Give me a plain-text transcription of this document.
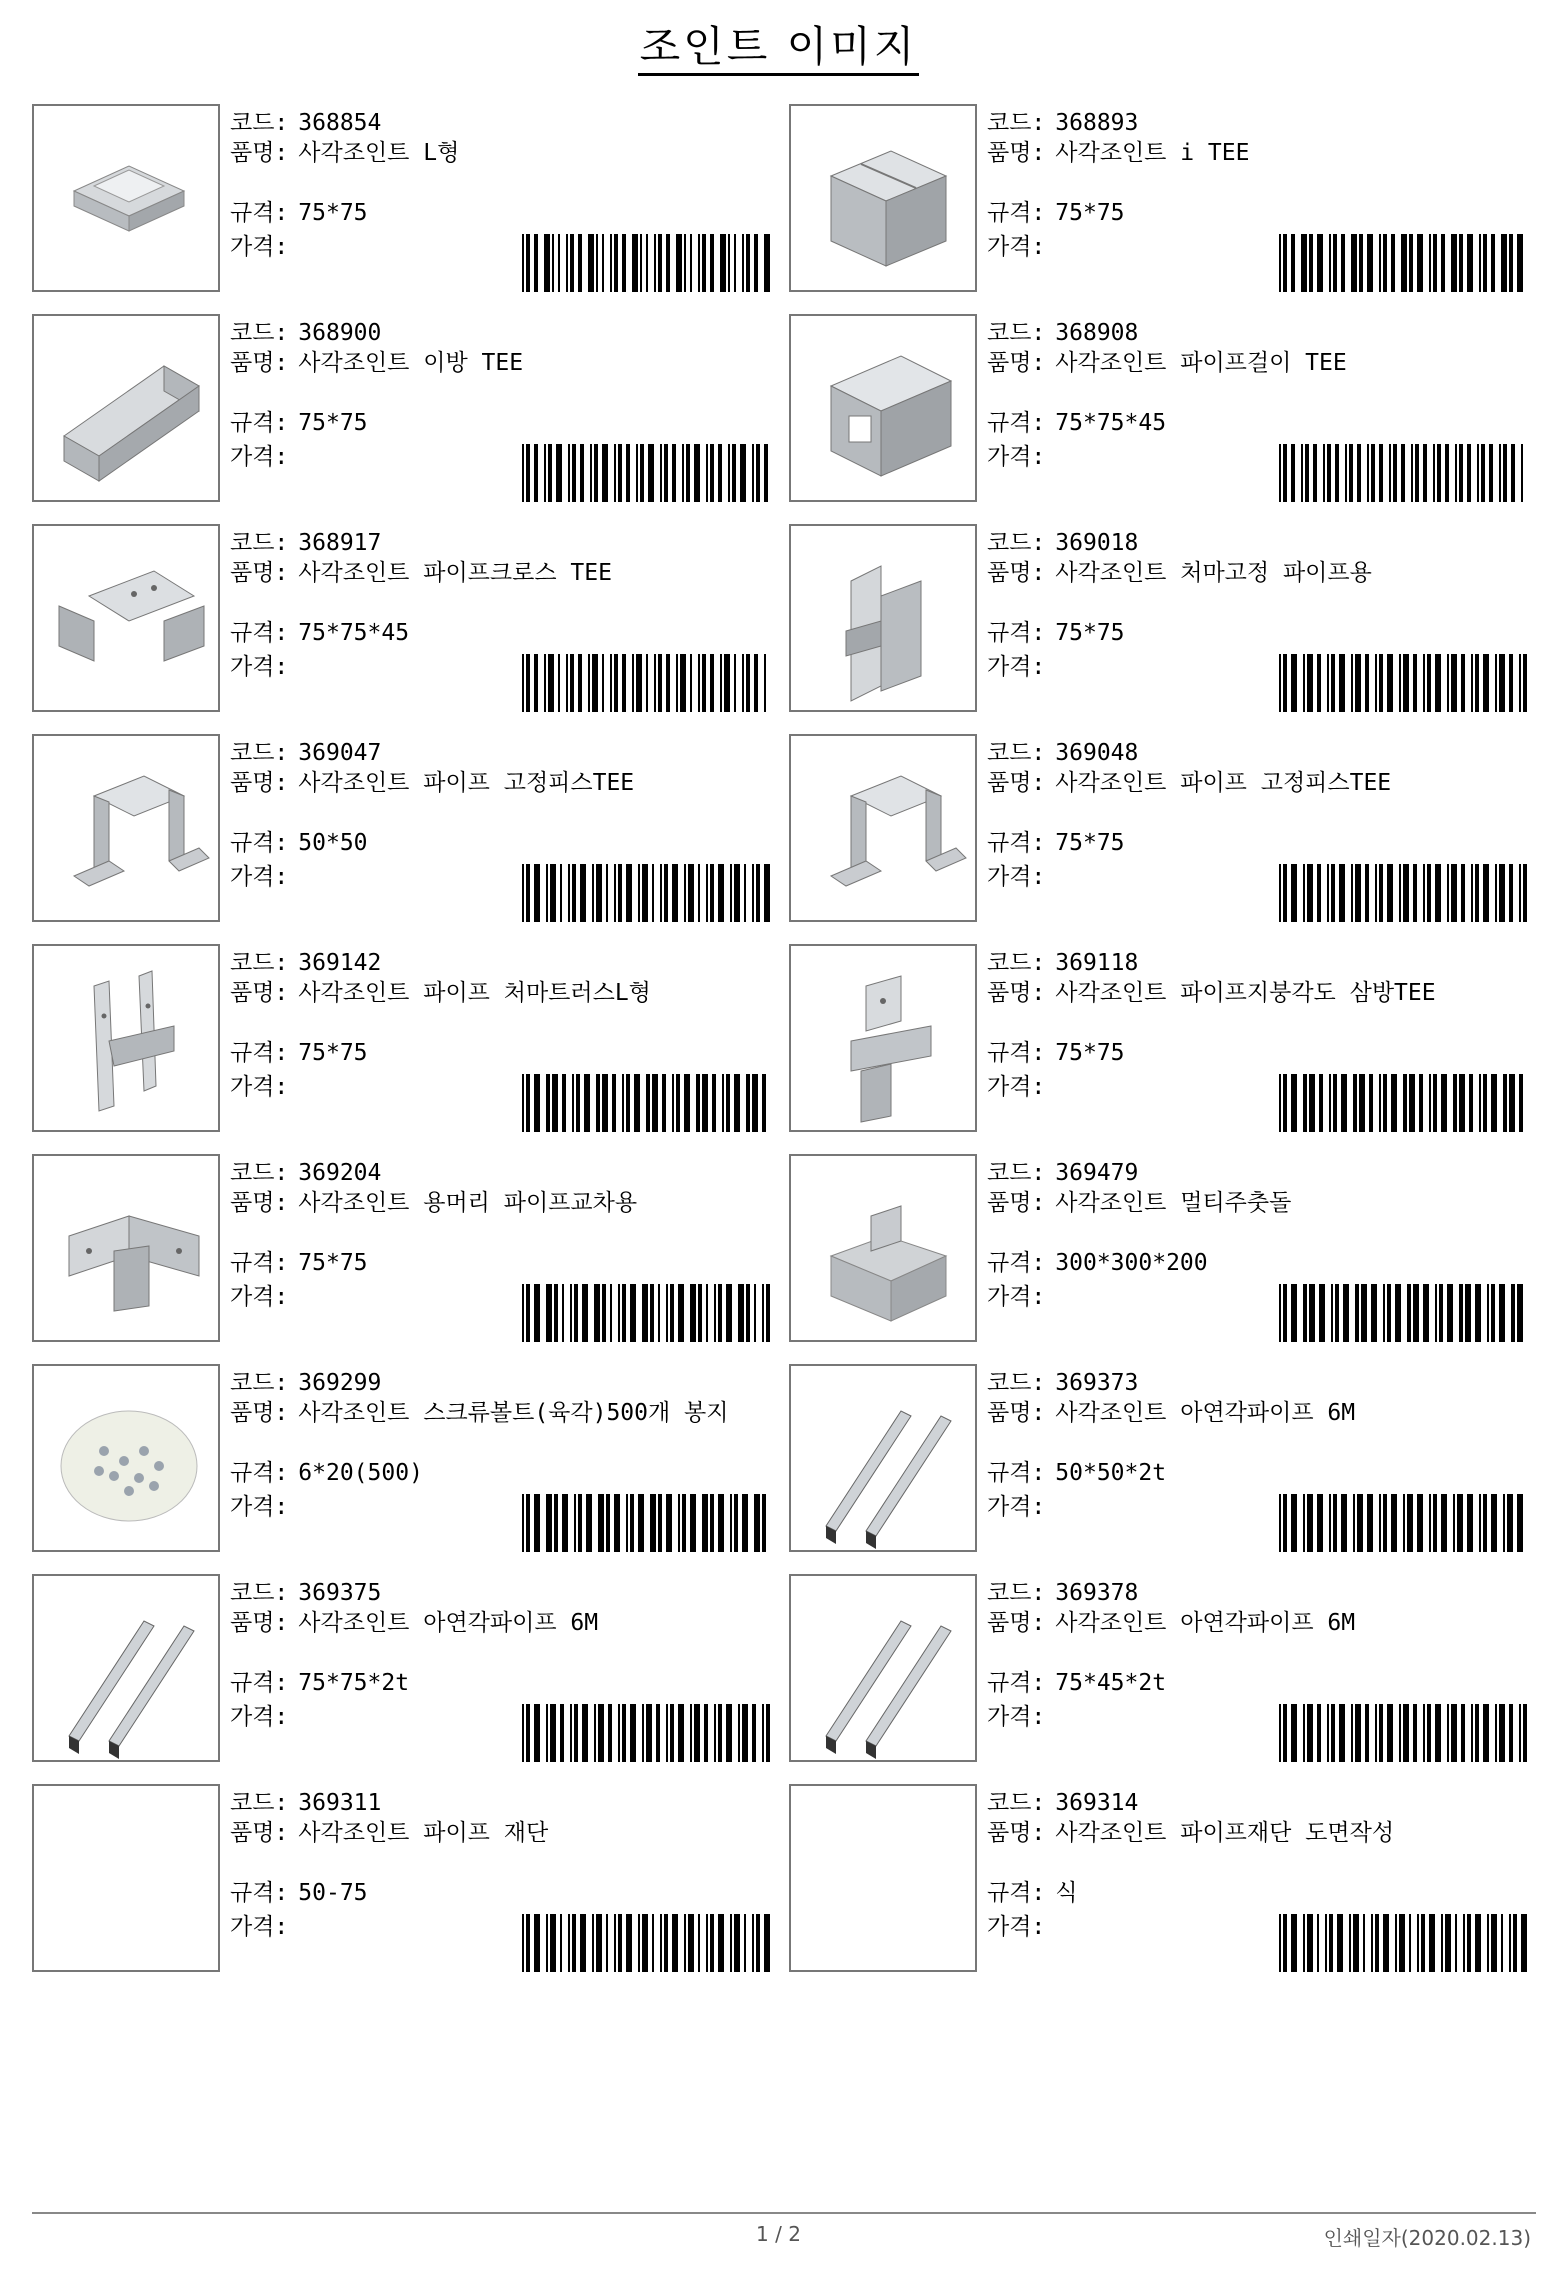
조인트 이미지
코드: 368854
품명: 사각조인트 L형
규격: 75*75
가격:
코드: 368893
품명: 사각조인트 i TEE
규격: 75*75
가격:
코드: 368900
품명: 사각조인트 이방 TEE
규격: 75*75
가격:
코드: 368908
품명: 사각조인트 파이프걸이 TEE
규격: 75*75*45
가격:
코드: 368917
품명: 사각조인트 파이프크로스 TEE
규격: 75*75*45
가격:
코드: 369018
품명: 사각조인트 처마고정 파이프용
규격: 75*75
가격:
코드: 369047
품명: 사각조인트 파이프 고정피스TEE
규격: 50*50
가격:
코드: 369048
품명: 사각조인트 파이프 고정피스TEE
규격: 75*75
가격:
코드: 369142
품명: 사각조인트 파이프 처마트러스L형
규격: 75*75
가격:
코드: 369118
품명: 사각조인트 파이프지붕각도 삼방TEE
규격: 75*75
가격:
코드: 369204
품명: 사각조인트 용머리 파이프교차용
규격: 75*75
가격:
코드: 369479
품명: 사각조인트 멀티주춧돌
규격: 300*300*200
가격:
코드: 369299
품명: 사각조인트 스크류볼트(육각)500개 봉지
규격: 6*20(500)
가격:
코드: 369373
품명: 사각조인트 아연각파이프 6M
규격: 50*50*2t
가격:
코드: 369375
품명: 사각조인트 아연각파이프 6M
규격: 75*75*2t
가격:
코드: 369378
품명: 사각조인트 아연각파이프 6M
규격: 75*45*2t
가격:
코드: 369311
품명: 사각조인트 파이프 재단
규격: 50-75
가격:
코드: 369314
품명: 사각조인트 파이프재단 도면작성
규격: 식
가격:
1 / 2	인쇄일자(2020.02.13)
